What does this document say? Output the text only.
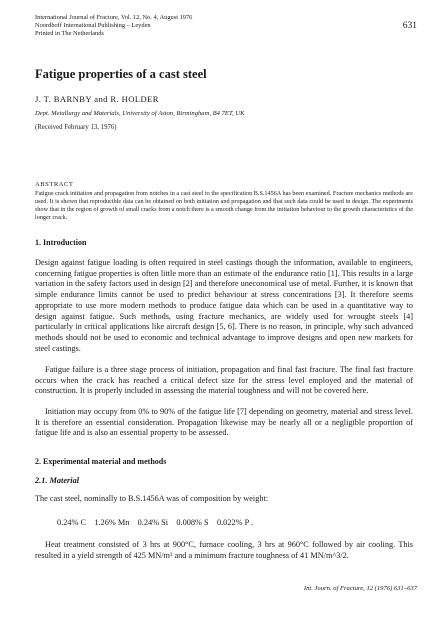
International Journal of Fracture, Vol. 12, No. 4, August 1976
Noordhoff International Publishing – Leyden
Printed in The Netherlands
631
Fatigue properties of a cast steel
J. T. BARNBY and R. HOLDER
Dept. Metallurgy and Materials, University of Aston, Birmingham, B4 7ET, UK
(Received February 13, 1976)
ABSTRACT

Fatigue crack initiation and propagation from notches in a cast steel to the specification B.S.1456A has been examined. Fracture mechanics methods are used. It is shown that reproducible data can be obtained on both initiation and propagation and that such data could be used in design. The experiments show that in the region of growth of small cracks from a notch there is a smooth change from the initiation behaviour to the growth characteristics of the longer crack.

1. Introduction

Design against fatigue loading is often required in steel castings though the information, available to engineers, concerning fatigue properties is often little more than an estimate of the endurance ratio [1]. This results in a large variation in the safety factors used in design [2] and therefore uneconomical use of metal. Further, it is known that simple endurance limits cannot be used to predict behaviour at stress concentrations [3]. It therefore seems appropriate to use more modern methods to produce fatigue data which can be used in a quantitative way to design against fatigue. Such methods, using fracture mechanics, are widely used for wrought steels [4] particularly in critical applications like aircraft design [5, 6]. There is no reason, in principle, why such advanced methods should not be used to economic and technical advantage to improve designs and open new markets for steel castings.

Fatigue failure is a three stage process of initiation, propagation and final fast fracture. The final fast fracture occurs when the crack has reached a critical defect size for the stress level employed and the material of construction. It is properly included in assessing the material toughness and will not be covered here.

Initiation may occupy from 0% to 90% of the fatigue life [7] depending on geometry, material and stress level. It is therefore an essential consideration. Propagation likewise may be nearly all or a negligible proportion of fatigue life and is also an essential property to be assessed.

2. Experimental material and methods
2.1. Material

The cast steel, nominally to B.S.1456A was of composition by weight:

0.24% C    1.26% Mn    0.24% Si    0.008% S    0.022% P .

Heat treatment consisted of 3 hrs at 900°C, furnace cooling, 3 hrs at 960°C followed by air cooling. This resulted in a yield strength of 425 MN/m² and a minimum fracture toughness of 41 MN/m^3/2.

Int. Journ. of Fracture, 12 (1976) 631–637
